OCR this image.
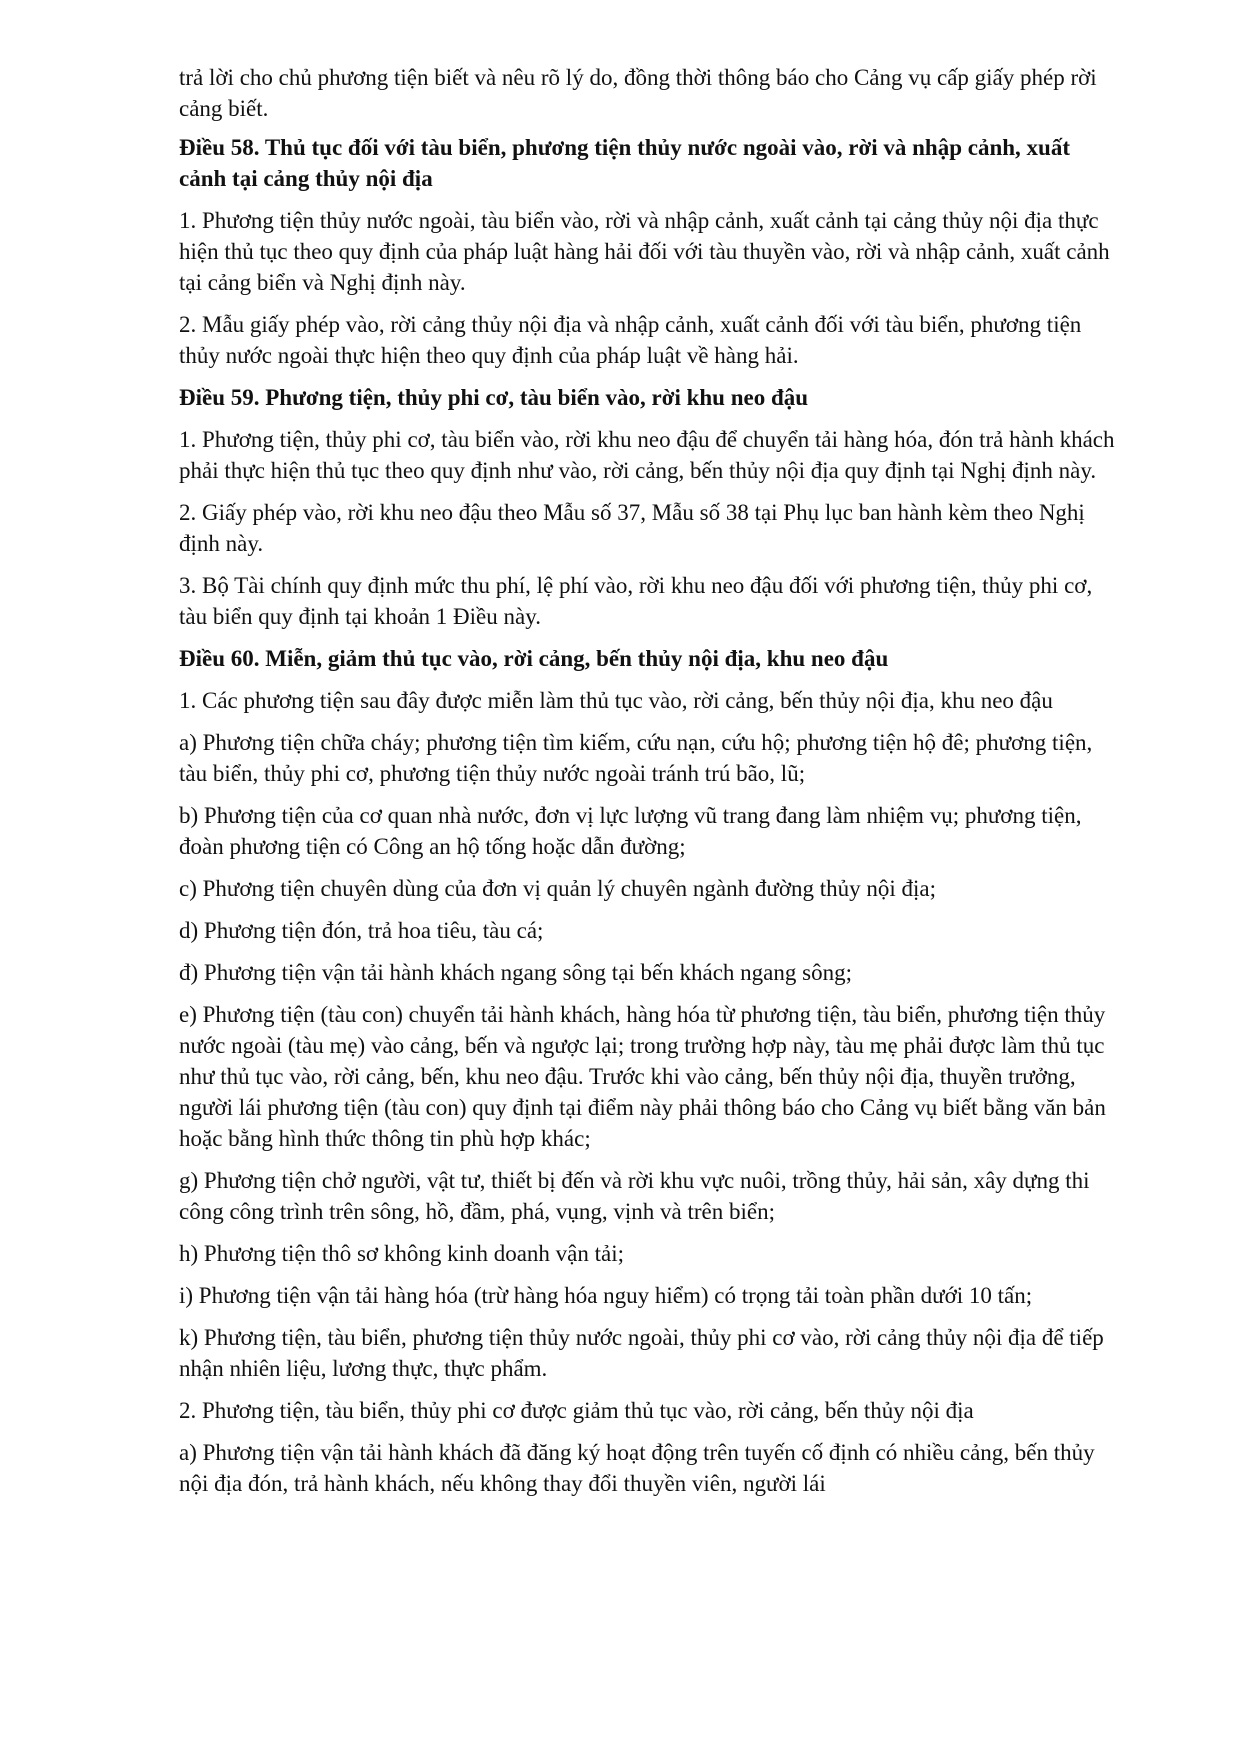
trả lời cho chủ phương tiện biết và nêu rõ lý do, đồng thời thông báo cho Cảng vụ cấp giấy phép rời cảng biết.

Điều 58. Thủ tục đối với tàu biển, phương tiện thủy nước ngoài vào, rời và nhập cảnh, xuất cảnh tại cảng thủy nội địa

1. Phương tiện thủy nước ngoài, tàu biển vào, rời và nhập cảnh, xuất cảnh tại cảng thủy nội địa thực hiện thủ tục theo quy định của pháp luật hàng hải đối với tàu thuyền vào, rời và nhập cảnh, xuất cảnh tại cảng biển và Nghị định này.

2. Mẫu giấy phép vào, rời cảng thủy nội địa và nhập cảnh, xuất cảnh đối với tàu biển, phương tiện thủy nước ngoài thực hiện theo quy định của pháp luật về hàng hải.

Điều 59. Phương tiện, thủy phi cơ, tàu biển vào, rời khu neo đậu

1. Phương tiện, thủy phi cơ, tàu biển vào, rời khu neo đậu để chuyển tải hàng hóa, đón trả hành khách phải thực hiện thủ tục theo quy định như vào, rời cảng, bến thủy nội địa quy định tại Nghị định này.

2. Giấy phép vào, rời khu neo đậu theo Mẫu số 37, Mẫu số 38 tại Phụ lục ban hành kèm theo Nghị định này.

3. Bộ Tài chính quy định mức thu phí, lệ phí vào, rời khu neo đậu đối với phương tiện, thủy phi cơ, tàu biển quy định tại khoản 1 Điều này.

Điều 60. Miễn, giảm thủ tục vào, rời cảng, bến thủy nội địa, khu neo đậu

1. Các phương tiện sau đây được miễn làm thủ tục vào, rời cảng, bến thủy nội địa, khu neo đậu

a) Phương tiện chữa cháy; phương tiện tìm kiếm, cứu nạn, cứu hộ; phương tiện hộ đê; phương tiện, tàu biển, thủy phi cơ, phương tiện thủy nước ngoài tránh trú bão, lũ;

b) Phương tiện của cơ quan nhà nước, đơn vị lực lượng vũ trang đang làm nhiệm vụ; phương tiện, đoàn phương tiện có Công an hộ tống hoặc dẫn đường;

c) Phương tiện chuyên dùng của đơn vị quản lý chuyên ngành đường thủy nội địa;

d) Phương tiện đón, trả hoa tiêu, tàu cá;

đ) Phương tiện vận tải hành khách ngang sông tại bến khách ngang sông;

e) Phương tiện (tàu con) chuyển tải hành khách, hàng hóa từ phương tiện, tàu biển, phương tiện thủy nước ngoài (tàu mẹ) vào cảng, bến và ngược lại; trong trường hợp này, tàu mẹ phải được làm thủ tục như thủ tục vào, rời cảng, bến, khu neo đậu. Trước khi vào cảng, bến thủy nội địa, thuyền trưởng, người lái phương tiện (tàu con) quy định tại điểm này phải thông báo cho Cảng vụ biết bằng văn bản hoặc bằng hình thức thông tin phù hợp khác;

g) Phương tiện chở người, vật tư, thiết bị đến và rời khu vực nuôi, trồng thủy, hải sản, xây dựng thi công công trình trên sông, hồ, đầm, phá, vụng, vịnh và trên biển;

h) Phương tiện thô sơ không kinh doanh vận tải;

i) Phương tiện vận tải hàng hóa (trừ hàng hóa nguy hiểm) có trọng tải toàn phần dưới 10 tấn;

k) Phương tiện, tàu biển, phương tiện thủy nước ngoài, thủy phi cơ vào, rời cảng thủy nội địa để tiếp nhận nhiên liệu, lương thực, thực phẩm.

2. Phương tiện, tàu biển, thủy phi cơ được giảm thủ tục vào, rời cảng, bến thủy nội địa

a) Phương tiện vận tải hành khách đã đăng ký hoạt động trên tuyến cố định có nhiều cảng, bến thủy nội địa đón, trả hành khách, nếu không thay đổi thuyền viên, người lái
